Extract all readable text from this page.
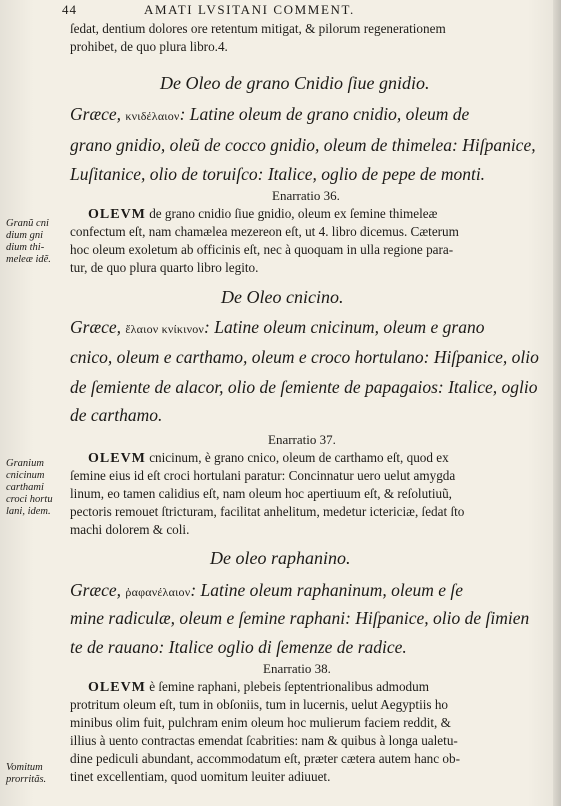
44	AMATI LVSITANI COMMENT.
ſedat, dentium dolores ore retentum mitigat, & pilorum regenerationem
prohibet, de quo plura libro.4.
De Oleo de grano Cnidio ſiue gnidio.
Græce, κνιδέλαιον: Latine oleum de grano cnidio, oleum de
grano gnidio, oleũ de cocco gnidio, oleum de thimelea: Hiſpanice,
Luſitanice, olio de toruiſco: Italice, oglio de pepe de monti.
Enarratio 36.
OLEVM de grano cnidio ſiue gnidio, oleum ex ſemine thimeleæ
confectum eſt, nam chamælea mezereon eſt, ut 4. libro dicemus. Cæterum
hoc oleum exoletum ab officinis eſt, nec à quoquam in ulla regione para-
tur, de quo plura quarto libro legito.
De Oleo cnicino.
Græce, ἔλαιον κνίκινον: Latine oleum cnicinum, oleum e grano
cnico, oleum e carthamo, oleum e croco hortulano: Hiſpanice, olio
de ſemiente de alacor, olio de ſemiente de papagaios: Italice, oglio
de carthamo.
Enarratio 37.
OLEVM cnicinum, è grano cnico, oleum de carthamo eſt, quod ex
ſemine eius id eſt croci hortulani paratur: Concinnatur uero uelut amygda
linum, eo tamen calidius eſt, nam oleum hoc apertiuum eſt, & reſolutiuũ,
pectoris remouet ſtricturam, facilitat anhelitum, medetur ictericiæ, ſedat ſto
machi dolorem & coli.
De oleo raphanino.
Græce, ῥαφανέλαιον: Latine oleum raphaninum, oleum e ſe
mine radiculæ, oleum e ſemine raphani: Hiſpanice, olio de ſimien
te de rauano: Italice oglio di ſemenze de radice.
Enarratio 38.
OLEVM è ſemine raphani, plebeis ſeptentrionalibus admodum
protritum oleum eſt, tum in obſoniis, tum in lucernis, uelut Aegyptiis ho
minibus olim fuit, pulchram enim oleum hoc mulierum faciem reddit, &
illius à uento contractas emendat ſcabrities: nam & quibus à longa ualetu-
dine pediculi abundant, accommodatum eſt, præter cætera autem hanc ob-
tinet excellentiam, quod uomitum leuiter adiuuet.
Granũ cni
dium gni
dium thi-
meleæ idẽ.
Granium
cnicinum
carthami
croci hortu
lani, idem.
Vomitum
prorritãs.
